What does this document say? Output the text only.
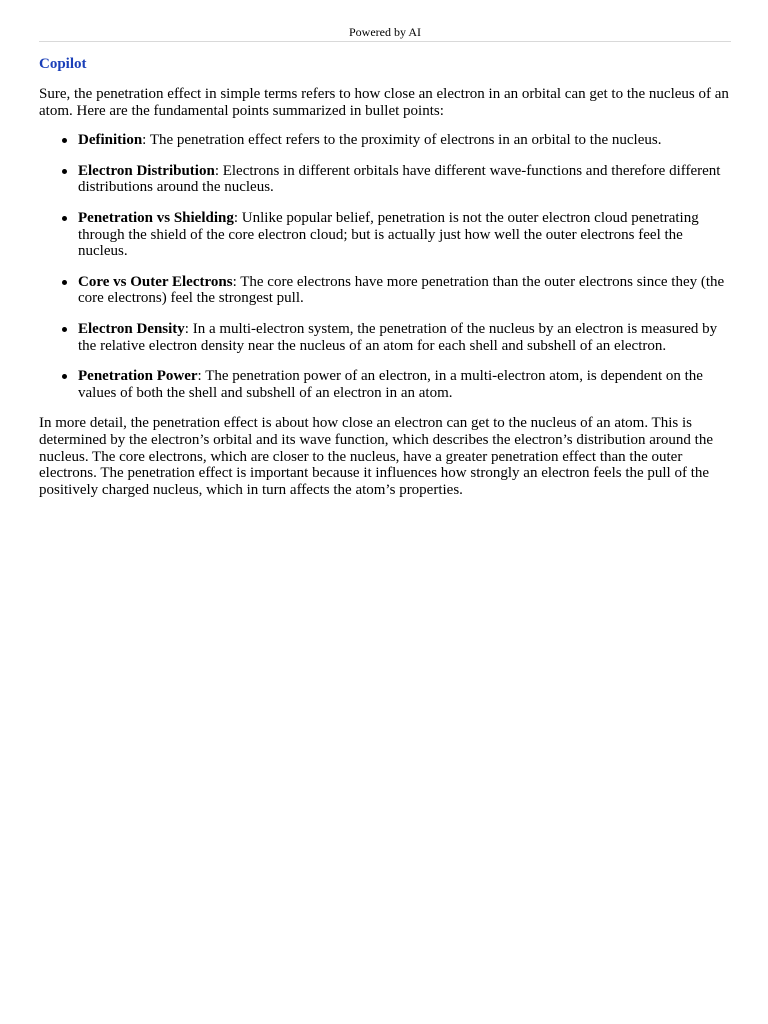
Powered by AI
Copilot

Sure, the penetration effect in simple terms refers to how close an electron in an orbital can get to the nucleus of an atom. Here are the fundamental points summarized in bullet points:

Definition: The penetration effect refers to the proximity of electrons in an orbital to the nucleus.
Electron Distribution: Electrons in different orbitals have different wave-functions and therefore different distributions around the nucleus.
Penetration vs Shielding: Unlike popular belief, penetration is not the outer electron cloud penetrating through the shield of the core electron cloud; but is actually just how well the outer electrons feel the nucleus.
Core vs Outer Electrons: The core electrons have more penetration than the outer electrons since they (the core electrons) feel the strongest pull.
Electron Density: In a multi-electron system, the penetration of the nucleus by an electron is measured by the relative electron density near the nucleus of an atom for each shell and subshell of an electron.
Penetration Power: The penetration power of an electron, in a multi-electron atom, is dependent on the values of both the shell and subshell of an electron in an atom.

In more detail, the penetration effect is about how close an electron can get to the nucleus of an atom. This is determined by the electron’s orbital and its wave function, which describes the electron’s distribution around the nucleus. The core electrons, which are closer to the nucleus, have a greater penetration effect than the outer electrons. The penetration effect is important because it influences how strongly an electron feels the pull of the positively charged nucleus, which in turn affects the atom’s properties.
